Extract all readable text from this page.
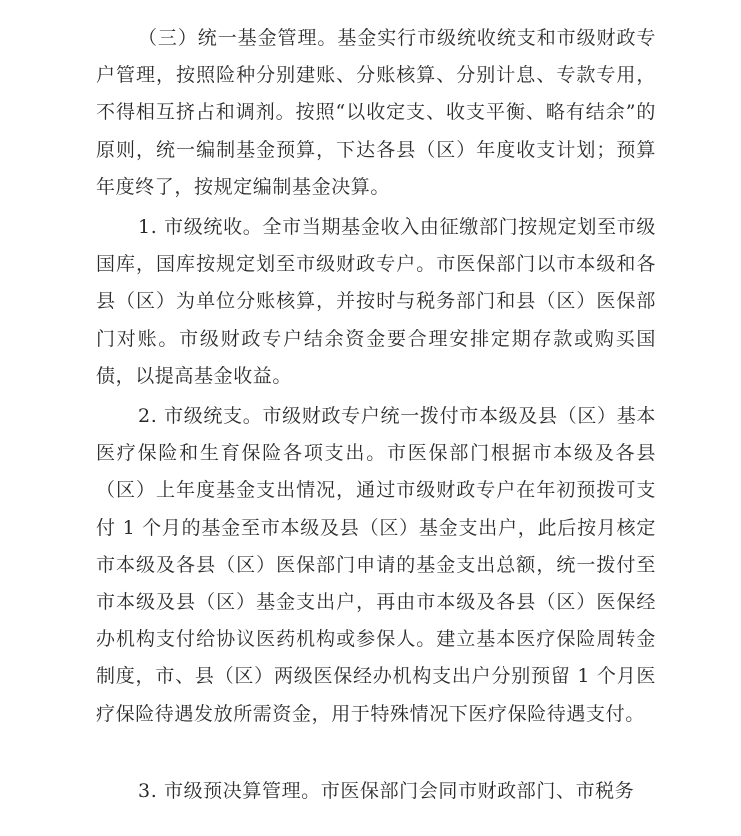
（三）统一基金管理。基金实行市级统收统支和市级财政专户管理，按照险种分别建账、分账核算、分别计息、专款专用，不得相互挤占和调剂。按照“以收定支、收支平衡、略有结余”的原则，统一编制基金预算，下达各县（区）年度收支计划；预算年度终了，按规定编制基金决算。

1. 市级统收。全市当期基金收入由征缴部门按规定划至市级国库，国库按规定划至市级财政专户。市医保部门以市本级和各县（区）为单位分账核算，并按时与税务部门和县（区）医保部门对账。市级财政专户结余资金要合理安排定期存款或购买国债，以提高基金收益。

2. 市级统支。市级财政专户统一拨付市本级及县（区）基本医疗保险和生育保险各项支出。市医保部门根据市本级及各县（区）上年度基金支出情况，通过市级财政专户在年初预拨可支付 1 个月的基金至市本级及县（区）基金支出户，此后按月核定市本级及各县（区）医保部门申请的基金支出总额，统一拨付至市本级及县（区）基金支出户，再由市本级及各县（区）医保经办机构支付给协议医药机构或参保人。建立基本医疗保险周转金制度，市、县（区）两级医保经办机构支出户分别预留 1 个月医疗保险待遇发放所需资金，用于特殊情况下医疗保险待遇支付。

3. 市级预决算管理。市医保部门会同市财政部门、市税务
